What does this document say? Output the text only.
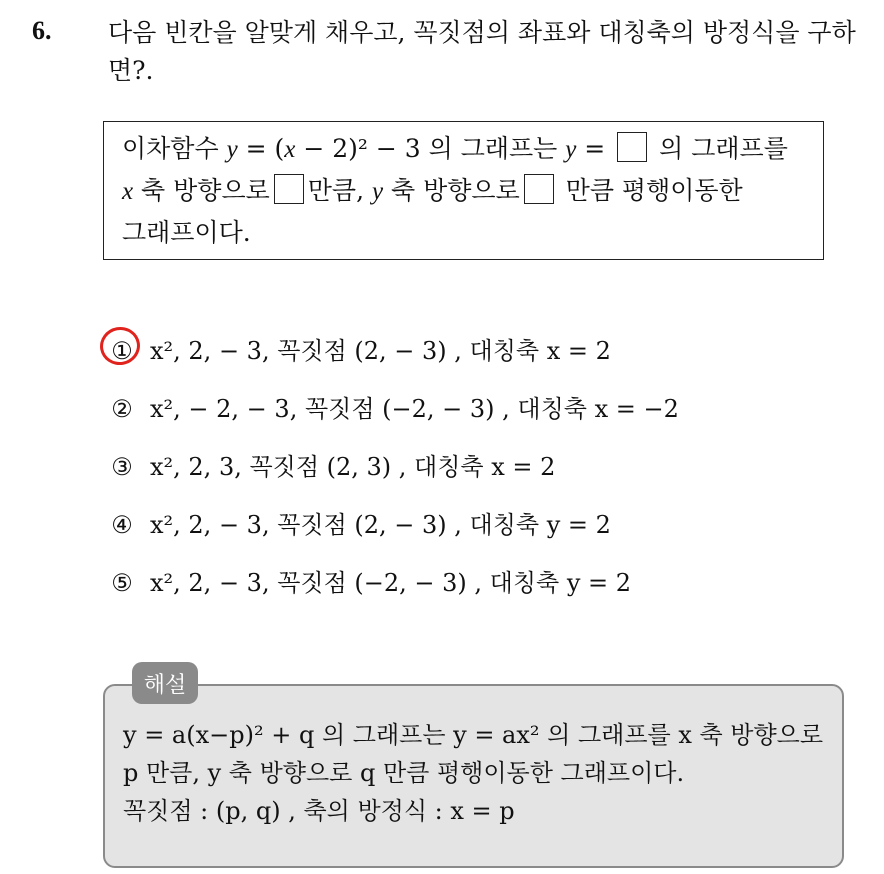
6. 다음 빈칸을 알맞게 채우고, 꼭짓점의 좌표와 대칭축의 방정식을 구하면?.
이차함수 y = (x − 2)² − 3 의 그래프는 y =  의 그래프를
x 축 방향으로 만큼, y 축 방향으로 만큼 평행이동한
그래프이다.
① x², 2, − 3, 꼭짓점 (2, − 3) , 대칭축 x = 2
② x², − 2, − 3, 꼭짓점 (−2, − 3) , 대칭축 x = −2
③ x², 2, 3, 꼭짓점 (2, 3) , 대칭축 x = 2
④ x², 2, − 3, 꼭짓점 (2, − 3) , 대칭축 y = 2
⑤ x², 2, − 3, 꼭짓점 (−2, − 3) , 대칭축 y = 2
해설
y = a(x−p)² + q 의 그래프는 y = ax² 의 그래프를 x 축 방향으로
p 만큼, y 축 방향으로 q 만큼 평행이동한 그래프이다.
꼭짓점 : (p, q) , 축의 방정식 : x = p
